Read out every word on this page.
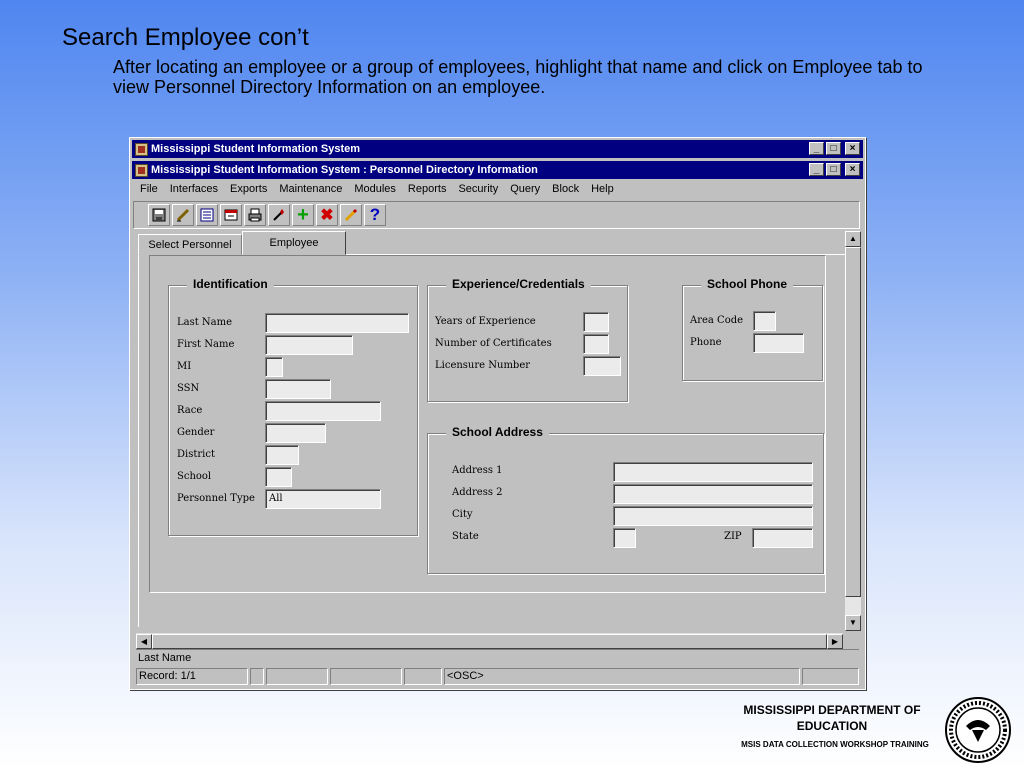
Search Employee con’t
After locating an employee or a group of employees, highlight that name and click on Employee tab to view Personnel Directory Information on an employee.
Mississippi Student Information System	_	□	×
Mississippi Student Information System : Personnel Directory Information	_	□	×
File Interfaces Exports Maintenance Modules Reports Security Query Block Help
+ ✖	?
Select Personnel	Employee	▲
▼
Identification
Last Name
First Name
MI
SSN
Race
Gender
District
School
Personnel Type	All
Experience/Credentials
Years of Experience
Number of Certificates
Licensure Number
School Phone
Area Code
Phone
School Address
Address 1
Address 2
City
State	ZIP
◀	▶
Last Name
Record: 1/1	<OSC>
MISSISSIPPI DEPARTMENT OF
EDUCATION
MSIS DATA COLLECTION WORKSHOP TRAINING
